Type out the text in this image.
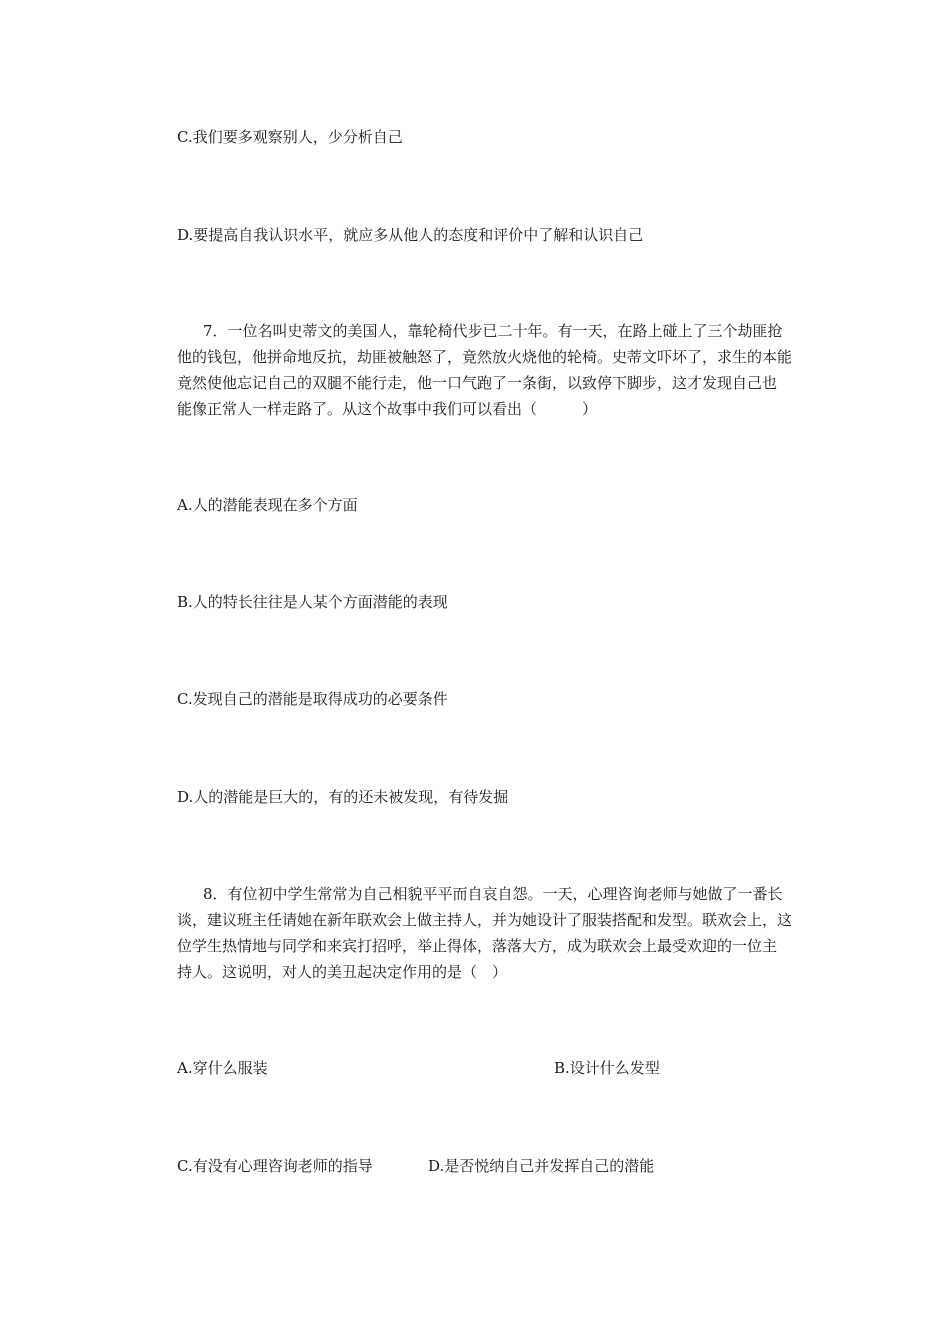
C.我们要多观察别人，少分析自己
D.要提高自我认识水平，就应多从他人的态度和评价中了解和认识自己
7．一位名叫史蒂文的美国人，靠轮椅代步已二十年。有一天，在路上碰上了三个劫匪抢
他的钱包，他拼命地反抗，劫匪被触怒了，竟然放火烧他的轮椅。史蒂文吓坏了，求生的本能
竟然使他忘记自己的双腿不能行走，他一口气跑了一条街，以致停下脚步，这才发现自己也
能像正常人一样走路了。从这个故事中我们可以看出（　　　）
A.人的潜能表现在多个方面
B.人的特长往往是人某个方面潜能的表现
C.发现自己的潜能是取得成功的必要条件
D.人的潜能是巨大的，有的还未被发现，有待发掘
8．有位初中学生常常为自己相貌平平而自哀自怨。一天，心理咨询老师与她做了一番长
谈，建议班主任请她在新年联欢会上做主持人，并为她设计了服装搭配和发型。联欢会上，这
位学生热情地与同学和来宾打招呼，举止得体，落落大方，成为联欢会上最受欢迎的一位主
持人。这说明，对人的美丑起决定作用的是（　）
A.穿什么服装	B.设计什么发型
C.有没有心理咨询老师的指导	D.是否悦纳自己并发挥自己的潜能
